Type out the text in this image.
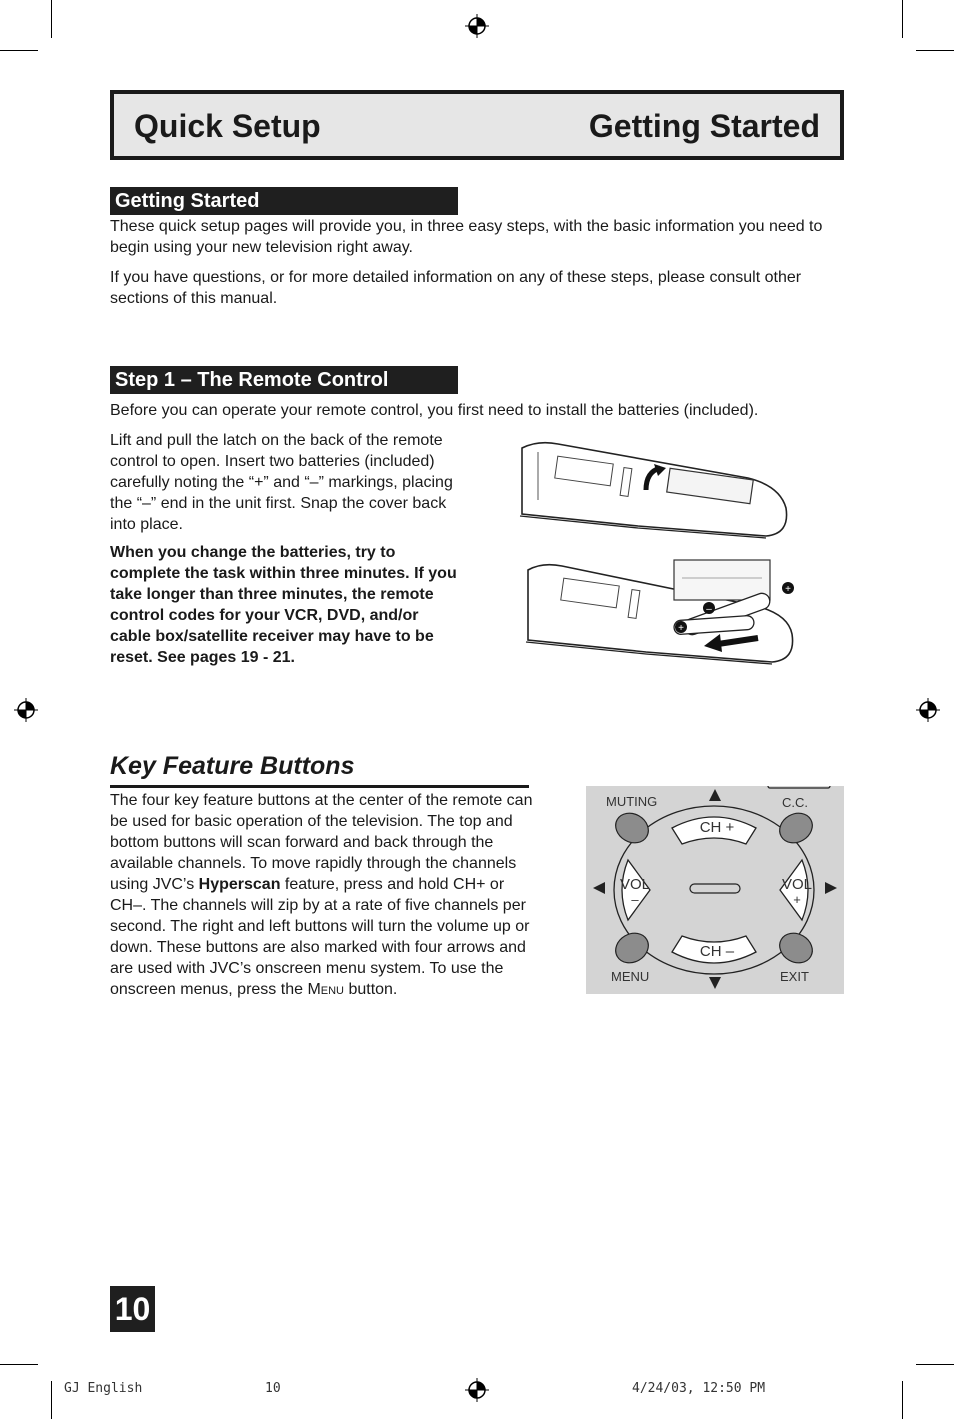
Quick Setup	Getting Started
Getting Started

These quick setup pages will provide you, in three easy steps, with the basic information you need to begin using your new television right away.

If you have questions, or for more detailed information on any of these steps, please consult other sections of this manual.

Step 1 – The Remote Control

Before you can operate your remote control, you first need to install the batteries (included).

Lift and pull the latch on the back of the remote control to open. Insert two batteries (included) carefully noting the “+” and “–” markings, placing the “–” end in the unit first. Snap the cover back into place.

When you change the batteries, try to complete the task within three minutes. If you take longer than three minutes, the remote control codes for your VCR, DVD, and/or cable box/satellite receiver may have to be reset. See pages 19 - 21.

+
–
+
Key Feature Buttons

The four key feature buttons at the center of the remote can be used for basic operation of the television. The top and bottom buttons will scan forward and back through the available channels. To move rapidly through the channels using JVC’s Hyperscan feature, press and hold CH+ or CH–. The channels will zip by at a rate of five channels per second. The right and left buttons will turn the volume up or down. These buttons are also marked with four arrows and are used with JVC’s onscreen menu system. To use the onscreen menus, press the Menu button.

MUTING	C.C.
MENU	EXIT
CH +
CH –
VOL
–
VOL
+
10
GJ English	10	4/24/03, 12:50 PM
